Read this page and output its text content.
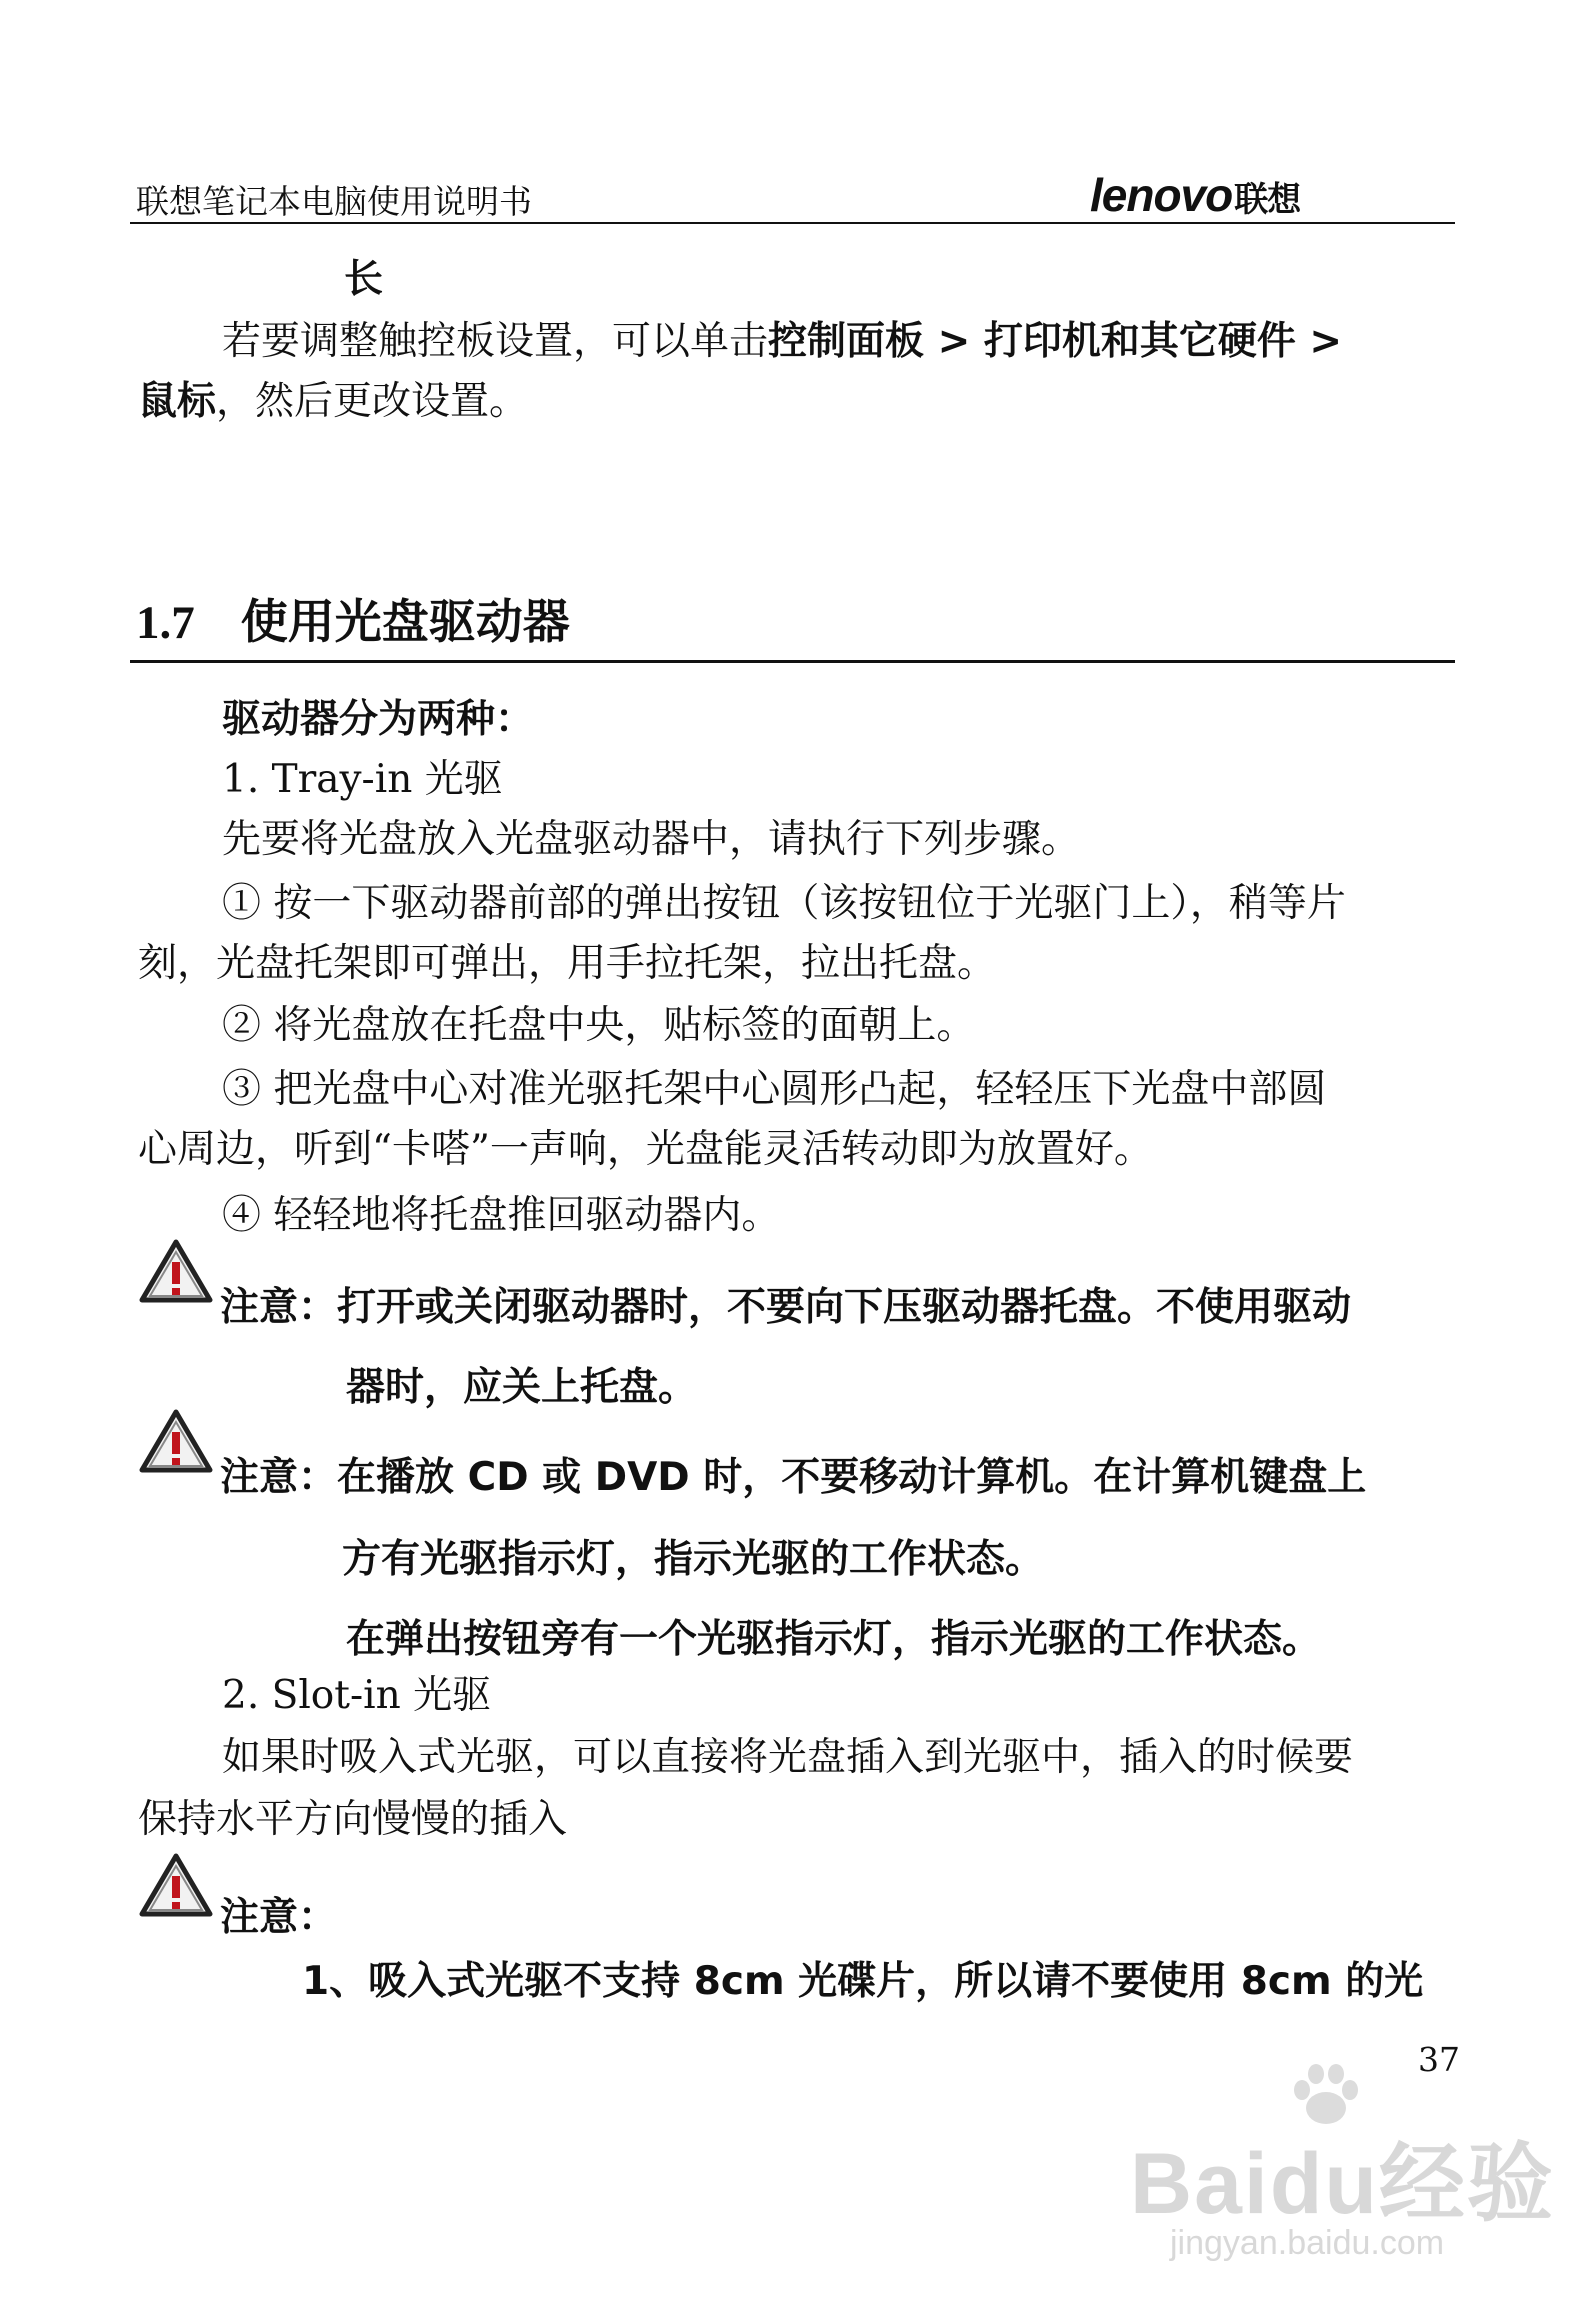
联想笔记本电脑使用说明书	lenovo联想
长
若要调整触控板设置，可以单击控制面板 > 打印机和其它硬件 >
鼠标，然后更改设置。
1.7 使用光盘驱动器
驱动器分为两种：
1. Tray-in 光驱
先要将光盘放入光盘驱动器中，请执行下列步骤。
① 按一下驱动器前部的弹出按钮（该按钮位于光驱门上），稍等片
刻，光盘托架即可弹出，用手拉托架，拉出托盘。
② 将光盘放在托盘中央，贴标签的面朝上。
③ 把光盘中心对准光驱托架中心圆形凸起，轻轻压下光盘中部圆
心周边，听到“卡嗒”一声响，光盘能灵活转动即为放置好。
④ 轻轻地将托盘推回驱动器内。
注意：打开或关闭驱动器时，不要向下压驱动器托盘。不使用驱动
器时，应关上托盘。
注意：在播放 CD 或 DVD 时，不要移动计算机。在计算机键盘上
方有光驱指示灯，指示光驱的工作状态。
在弹出按钮旁有一个光驱指示灯，指示光驱的工作状态。
2. Slot-in 光驱
如果时吸入式光驱，可以直接将光盘插入到光驱中，插入的时候要
保持水平方向慢慢的插入
注意：
1、吸入式光驱不支持 8cm 光碟片，所以请不要使用 8cm 的光
37
Baidu经验
jingyan.baidu.com
